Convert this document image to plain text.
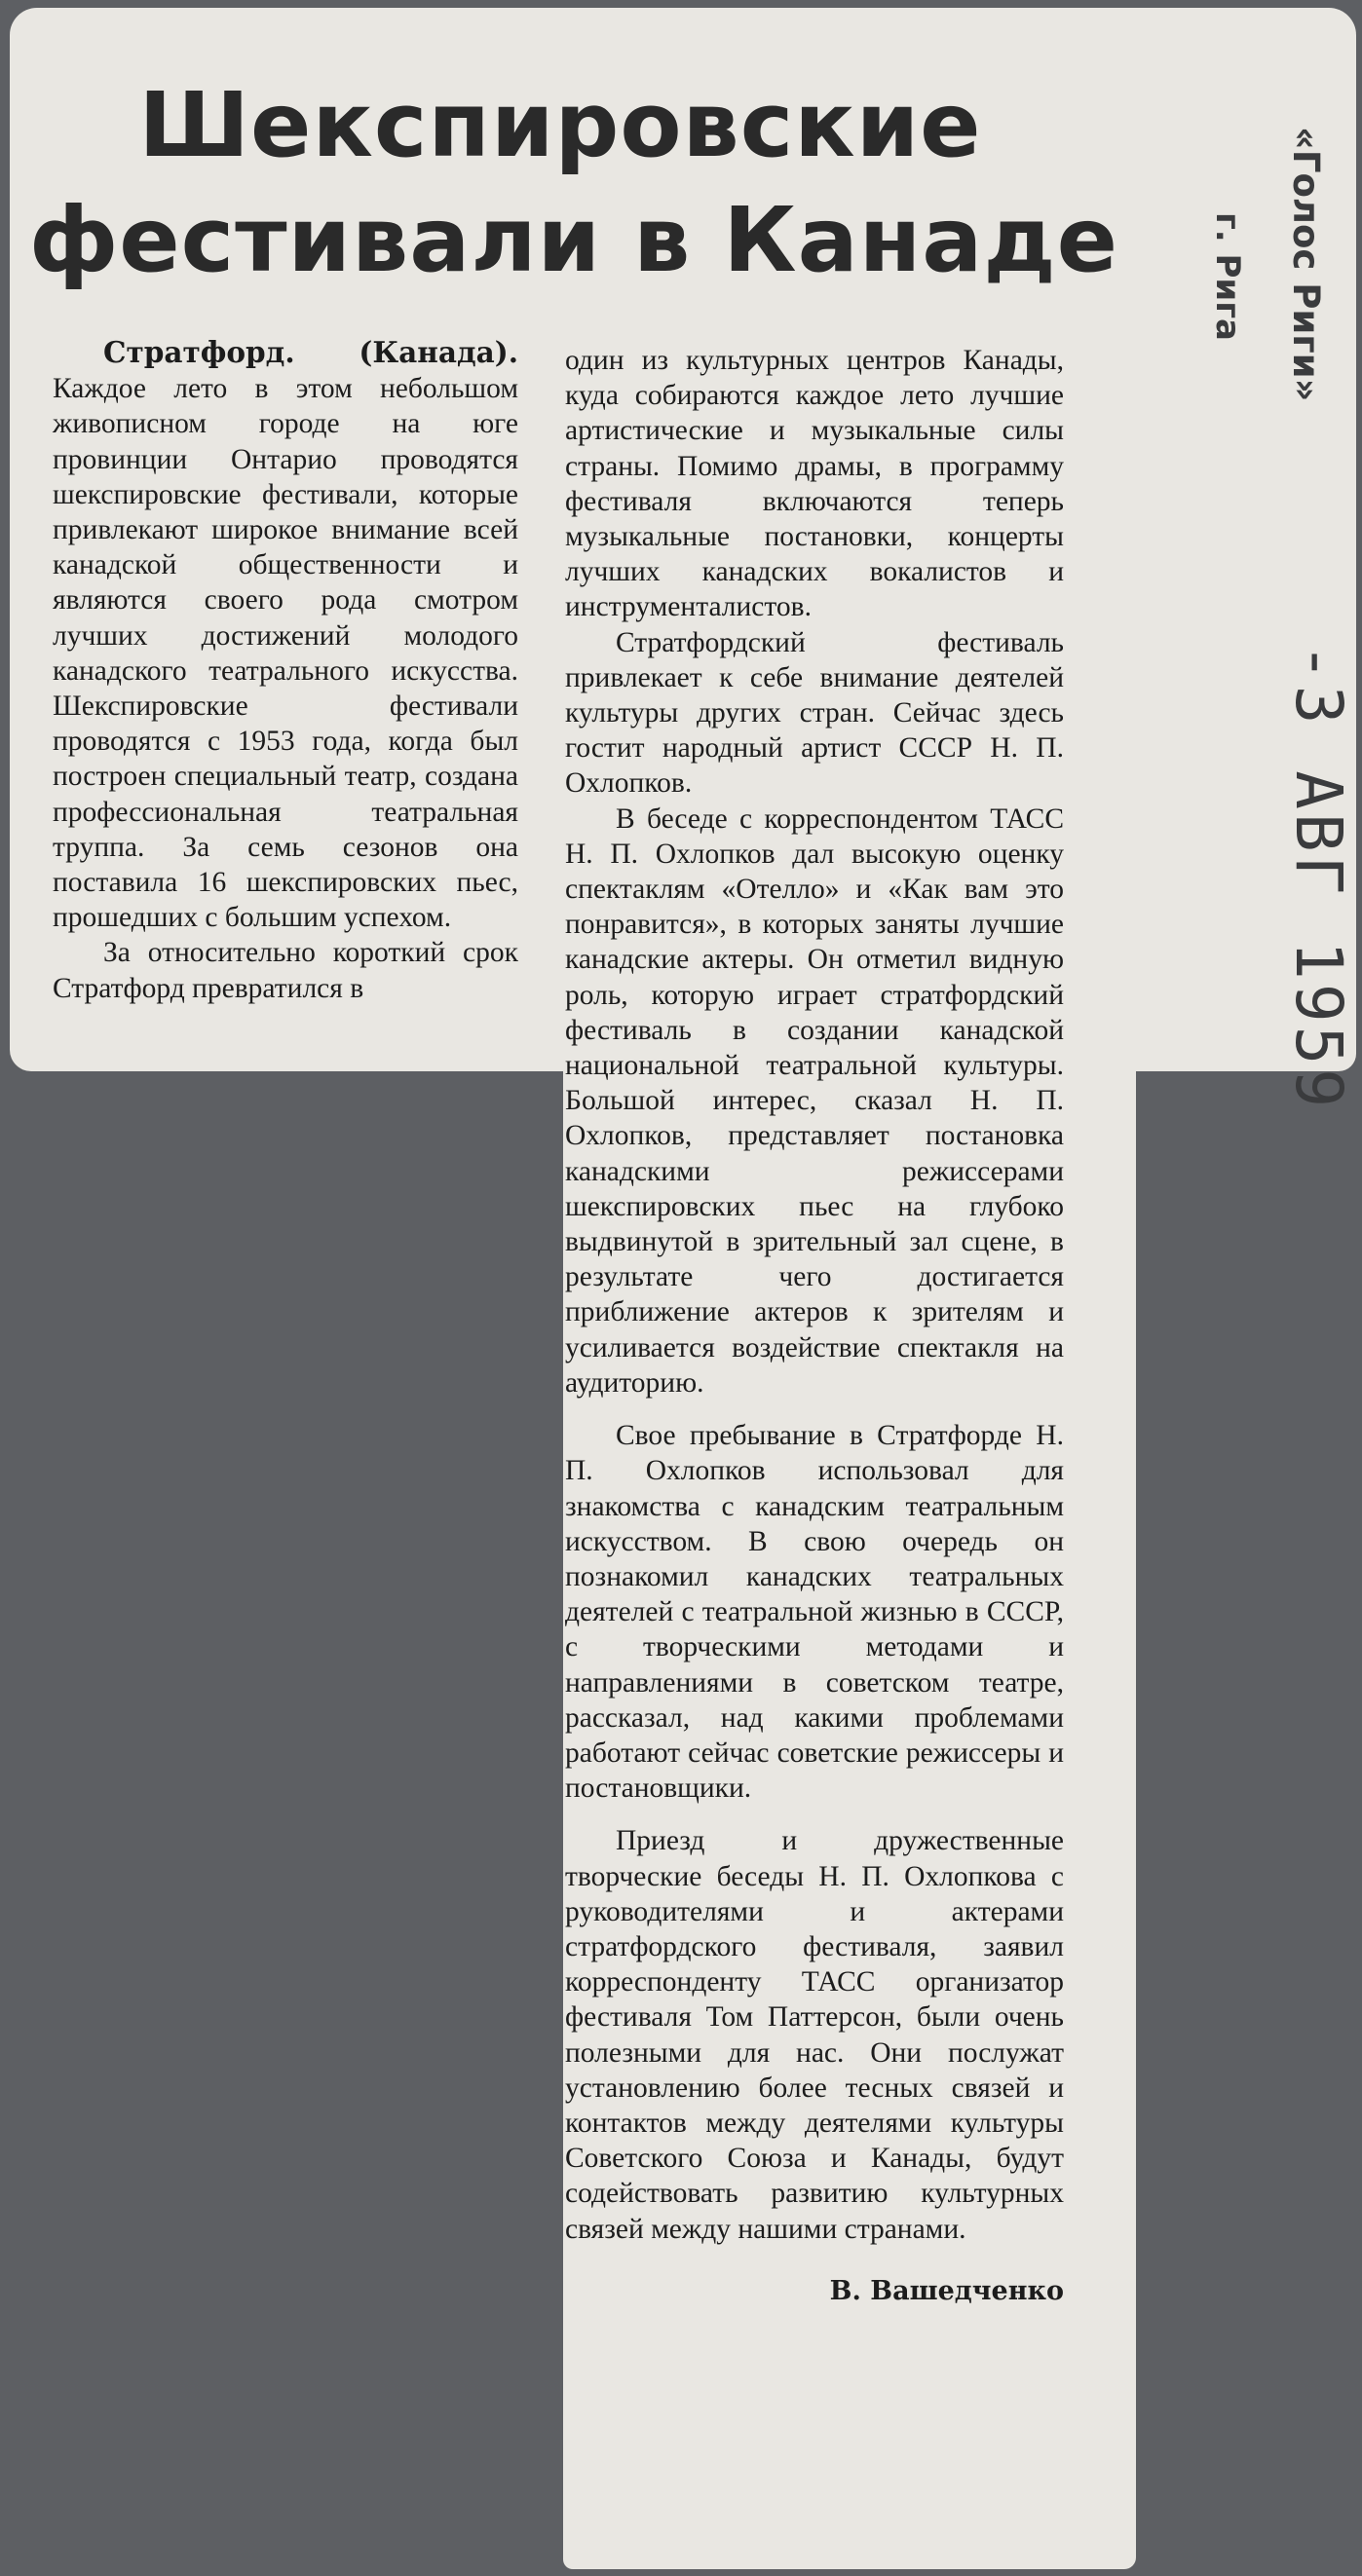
Шекспировские
фестивали в Канаде	«Голос Риги»
г. Рига
-3 АВГ 1959

Стратфорд. (Канада). Каждое лето в этом небольшом живописном городе на юге провинции Онтарио проводятся шекспировские фестивали, которые привлекают широкое внимание всей канадской общественности и являются своего рода смотром лучших достижений молодого канадского театрального искусства. Шекспировские фестивали проводятся с 1953 года, когда был построен специальный театр, создана профессиональная театральная труппа. За семь сезонов она поставила 16 шекспировских пьес, прошедших с большим успехом.

За относительно короткий срок Стратфорд превратился в

один из культурных центров Канады, куда собираются каждое лето лучшие артистические и музыкальные силы страны. Помимо драмы, в программу фестиваля включаются теперь музыкальные постановки, концерты лучших канадских вокалистов и инструменталистов.

Стратфордский фестиваль привлекает к себе внимание деятелей культуры других стран. Сейчас здесь гостит народный артист СССР Н. П. Охлопков.

В беседе с корреспондентом ТАСС Н. П. Охлопков дал высокую оценку спектаклям «Отелло» и «Как вам это понравится», в которых заняты лучшие канадские актеры. Он отметил видную роль, которую играет стратфордский фестиваль в создании канадской национальной театральной культуры. Большой интерес, сказал Н. П. Охлопков, представляет постановка канадскими режиссерами шекспировских пьес на глубоко выдвинутой в зрительный зал сцене, в результате чего достигается приближение актеров к зрителям и усиливается воздействие спектакля на аудиторию.

Свое пребывание в Стратфорде Н. П. Охлопков использовал для знакомства с канадским театральным искусством. В свою очередь он познакомил канадских театральных деятелей с театральной жизнью в СССР, с творческими методами и направлениями в советском театре, рассказал, над какими проблемами работают сейчас советские режиссеры и постановщики.

Приезд и дружественные творческие беседы Н. П. Охлопкова с руководителями и актерами стратфордского фестиваля, заявил корреспонденту ТАСС организатор фестиваля Том Паттерсон, были очень полезными для нас. Они послужат установлению более тесных связей и контактов между деятелями культуры Советского Союза и Канады, будут содействовать развитию культурных связей между нашими странами.

В. Вашедченко
